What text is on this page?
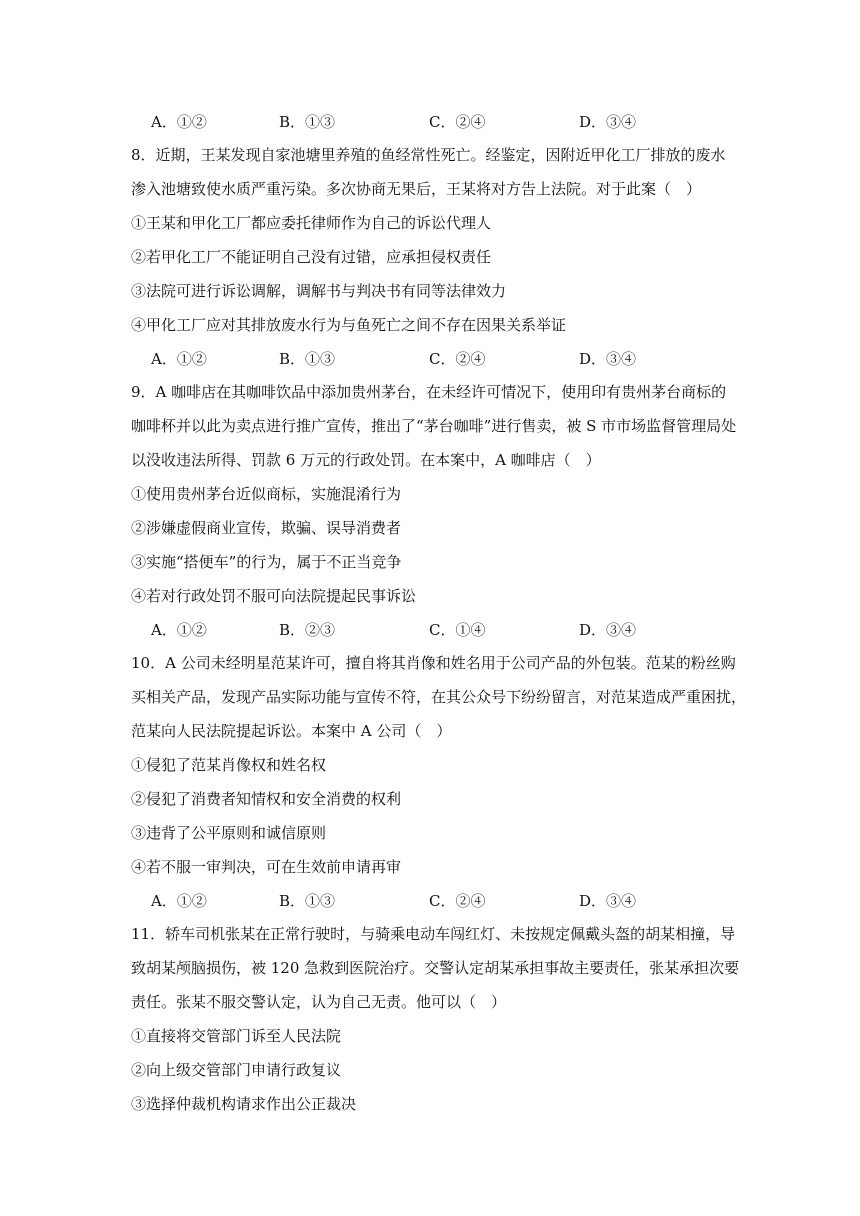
A．①②	B．①③	C．②④	D．③④
8．近期，王某发现自家池塘里养殖的鱼经常性死亡。经鉴定，因附近甲化工厂排放的废水
渗入池塘致使水质严重污染。多次协商无果后，王某将对方告上法院。对于此案（　）
①王某和甲化工厂都应委托律师作为自己的诉讼代理人
②若甲化工厂不能证明自己没有过错，应承担侵权责任
③法院可进行诉讼调解，调解书与判决书有同等法律效力
④甲化工厂应对其排放废水行为与鱼死亡之间不存在因果关系举证
A．①②	B．①③	C．②④	D．③④
9．A 咖啡店在其咖啡饮品中添加贵州茅台，在未经许可情况下，使用印有贵州茅台商标的
咖啡杯并以此为卖点进行推广宣传，推出了“茅台咖啡”进行售卖，被 S 市市场监督管理局处
以没收违法所得、罚款 6 万元的行政处罚。在本案中，A 咖啡店（　）
①使用贵州茅台近似商标，实施混淆行为
②涉嫌虚假商业宣传，欺骗、误导消费者
③实施“搭便车”的行为，属于不正当竞争
④若对行政处罚不服可向法院提起民事诉讼
A．①②	B．②③	C．①④	D．③④
10．A 公司未经明星范某许可，擅自将其肖像和姓名用于公司产品的外包装。范某的粉丝购
买相关产品，发现产品实际功能与宣传不符，在其公众号下纷纷留言，对范某造成严重困扰，
范某向人民法院提起诉讼。本案中 A 公司（　）
①侵犯了范某肖像权和姓名权
②侵犯了消费者知情权和安全消费的权利
③违背了公平原则和诚信原则
④若不服一审判决，可在生效前申请再审
A．①②	B．①③	C．②④	D．③④
11．轿车司机张某在正常行驶时，与骑乘电动车闯红灯、未按规定佩戴头盔的胡某相撞，导
致胡某颅脑损伤，被 120 急救到医院治疗。交警认定胡某承担事故主要责任，张某承担次要
责任。张某不服交警认定，认为自己无责。他可以（　）
①直接将交管部门诉至人民法院
②向上级交管部门申请行政复议
③选择仲裁机构请求作出公正裁决
